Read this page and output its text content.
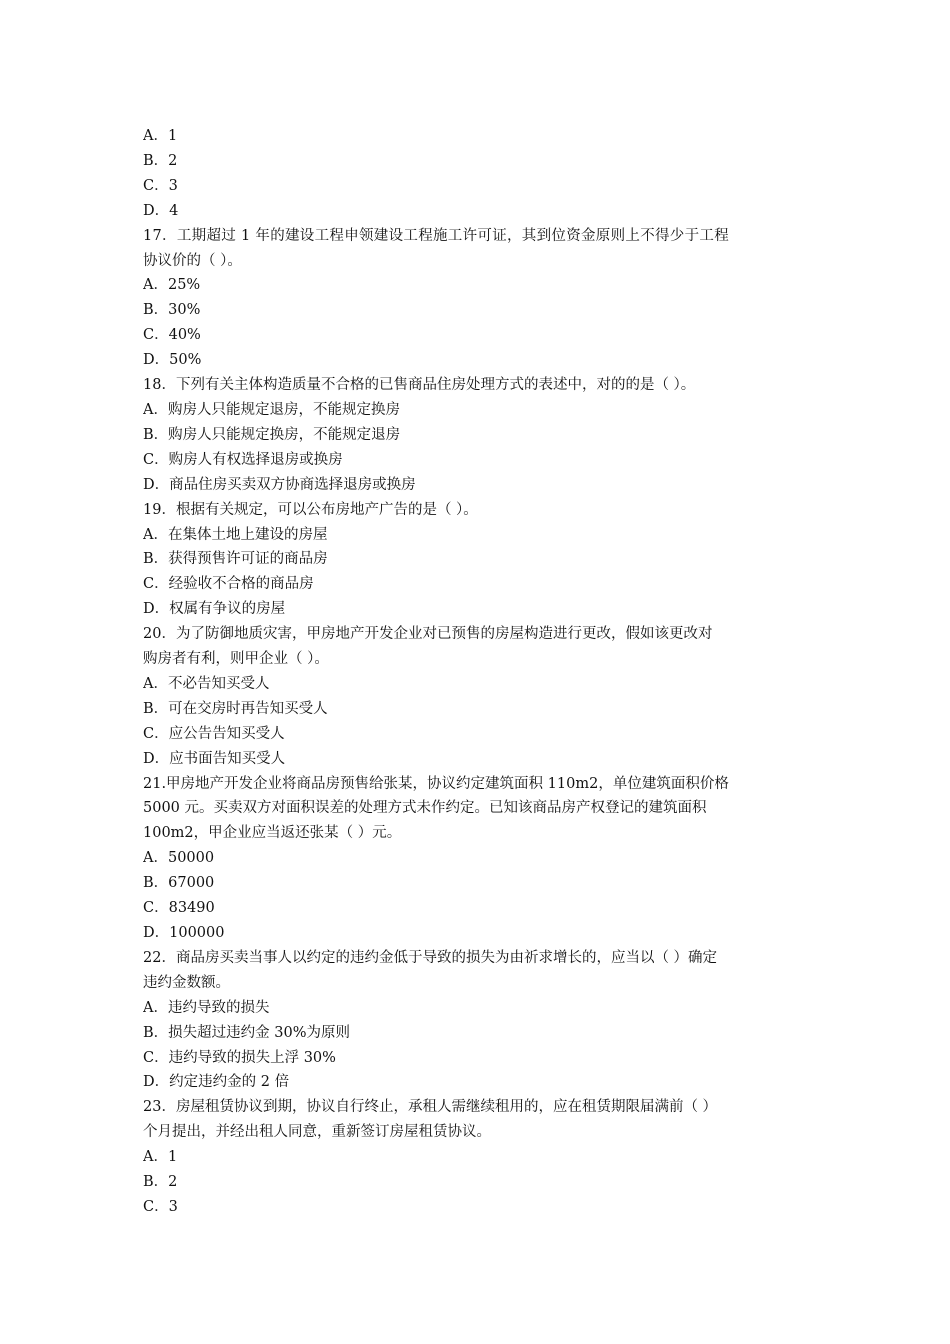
A．1
B．2
C．3
D．4
17．工期超过 1 年的建设工程申领建设工程施工许可证，其到位资金原则上不得少于工程
协议价的（ ）。
A．25%
B．30%
C．40%
D．50%
18．下列有关主体构造质量不合格的已售商品住房处理方式的表述中，对的的是（ ）。
A．购房人只能规定退房，不能规定换房
B．购房人只能规定换房，不能规定退房
C．购房人有权选择退房或换房
D．商品住房买卖双方协商选择退房或换房
19．根据有关规定，可以公布房地产广告的是（ ）。
A．在集体土地上建设的房屋
B．获得预售许可证的商品房
C．经验收不合格的商品房
D．权属有争议的房屋
20．为了防御地质灾害，甲房地产开发企业对已预售的房屋构造进行更改，假如该更改对
购房者有利，则甲企业（ ）。
A．不必告知买受人
B．可在交房时再告知买受人
C．应公告告知买受人
D．应书面告知买受人
21.甲房地产开发企业将商品房预售给张某，协议约定建筑面积 110m2，单位建筑面积价格
5000 元。买卖双方对面积误差的处理方式未作约定。已知该商品房产权登记的建筑面积
100m2，甲企业应当返还张某（ ）元。
A．50000
B．67000
C．83490
D．100000
22．商品房买卖当事人以约定的违约金低于导致的损失为由祈求增长的，应当以（ ）确定
违约金数额。
A．违约导致的损失
B．损失超过违约金 30%为原则
C．违约导致的损失上浮 30%
D．约定违约金的 2 倍
23．房屋租赁协议到期，协议自行终止，承租人需继续租用的，应在租赁期限届满前（ ）
个月提出，并经出租人同意，重新签订房屋租赁协议。
A．1
B．2
C．3
